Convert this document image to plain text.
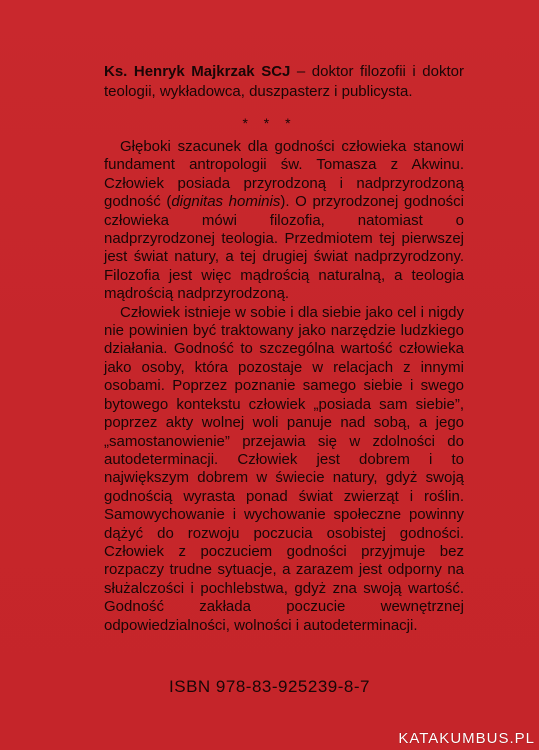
Ks. Henryk Majkrzak SCJ – doktor filozofii i doktor teologii, wykładowca, duszpasterz i publicysta.
* * *

Głęboki szacunek dla godności człowieka stanowi fundament antropologii św. Tomasza z Akwinu. Człowiek posiada przyrodzoną i nadprzyrodzoną godność (dignitas hominis). O przyrodzonej godności człowieka mówi filozofia, natomiast o nadprzyrodzonej teologia. Przedmiotem tej pierwszej jest świat natury, a tej drugiej świat nadprzyrodzony. Filozofia jest więc mądrością naturalną, a teologia mądrością nadprzyrodzoną.

Człowiek istnieje w sobie i dla siebie jako cel i nigdy nie powinien być traktowany jako narzędzie ludzkiego działania. Godność to szczególna wartość człowieka jako osoby, która pozostaje w relacjach z innymi osobami. Poprzez poznanie samego siebie i swego bytowego kontekstu człowiek „posiada sam siebie”, poprzez akty wolnej woli panuje nad sobą, a jego „samostanowienie” przejawia się w zdolności do autodeterminacji. Człowiek jest dobrem i to największym dobrem w świecie natury, gdyż swoją godnością wyrasta ponad świat zwierząt i roślin. Samowychowanie i wychowanie społeczne powinny dążyć do rozwoju poczucia osobistej godności. Człowiek z poczuciem godności przyjmuje bez rozpaczy trudne sytuacje, a zarazem jest odporny na służalczości i pochlebstwa, gdyż zna swoją wartość. Godność zakłada poczucie wewnętrznej odpowiedzialności, wolności i autodeterminacji.

ISBN 978-83-925239-8-7
KATAKUMBUS.PL
